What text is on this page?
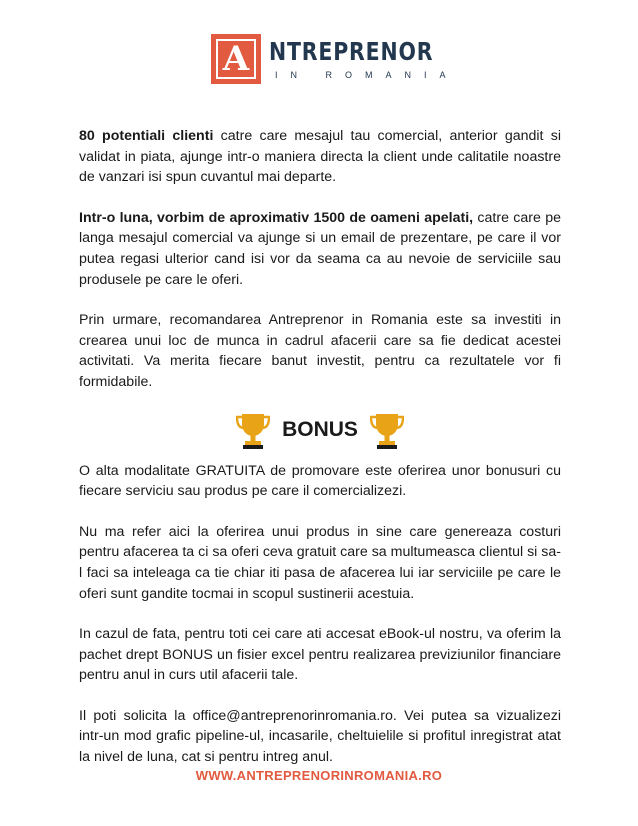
A NTREPRENOR
IN ROMANIA

80 potentiali clienti catre care mesajul tau comercial, anterior gandit si validat in piata, ajunge intr-o maniera directa la client unde calitatile noastre de vanzari isi spun cuvantul mai departe.

Intr-o luna, vorbim de aproximativ 1500 de oameni apelati, catre care pe langa mesajul comercial va ajunge si un email de prezentare, pe care il vor putea regasi ulterior cand isi vor da seama ca au nevoie de serviciile sau produsele pe care le oferi.

Prin urmare, recomandarea Antreprenor in Romania este sa investiti in crearea unui loc de munca in cadrul afacerii care sa fie dedicat acestei activitati. Va merita fiecare banut investit, pentru ca rezultatele vor fi formidabile.

BONUS

O alta modalitate GRATUITA de promovare este oferirea unor bonusuri cu fiecare serviciu sau produs pe care il comercializezi.

Nu ma refer aici la oferirea unui produs in sine care genereaza costuri pentru afacerea ta ci sa oferi ceva gratuit care sa multumeasca clientul si sa-l faci sa inteleaga ca tie chiar iti pasa de afacerea lui iar serviciile pe care le oferi sunt gandite tocmai in scopul sustinerii acestuia.

In cazul de fata, pentru toti cei care ati accesat eBook-ul nostru, va oferim la pachet drept BONUS un fisier excel pentru realizarea previziunilor financiare pentru anul in curs util afacerii tale.

Il poti solicita la office@antreprenorinromania.ro. Vei putea sa vizualizezi intr-un mod grafic pipeline-ul, incasarile, cheltuielile si profitul inregistrat atat la nivel de luna, cat si pentru intreg anul.

WWW.ANTREPRENORINROMANIA.RO
